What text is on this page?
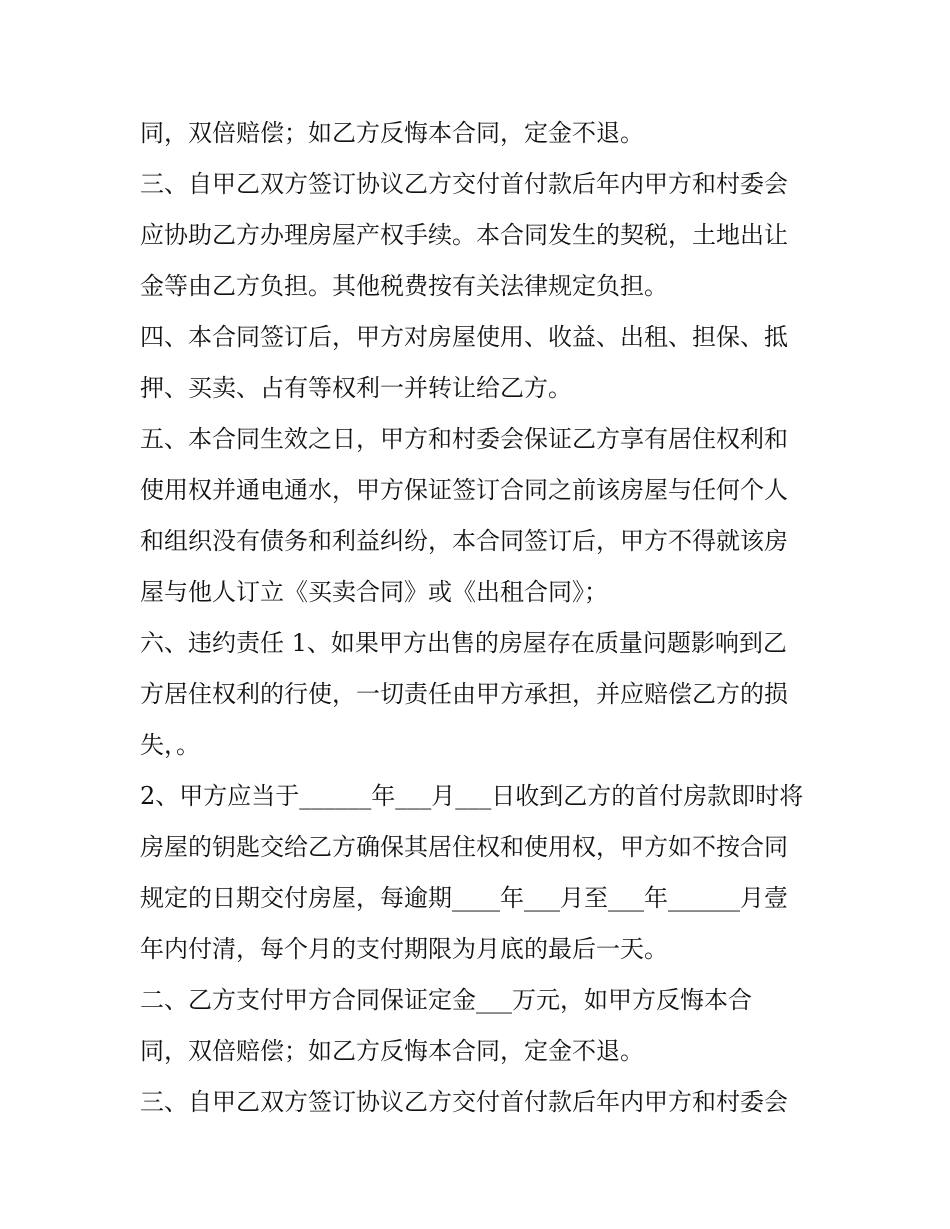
同，双倍赔偿；如乙方反悔本合同，定金不退。
三、自甲乙双方签订协议乙方交付首付款后年内甲方和村委会
应协助乙方办理房屋产权手续。本合同发生的契税，土地出让
金等由乙方负担。其他税费按有关法律规定负担。
四、本合同签订后，甲方对房屋使用、收益、出租、担保、抵
押、买卖、占有等权利一并转让给乙方。
五、本合同生效之日，甲方和村委会保证乙方享有居住权利和
使用权并通电通水，甲方保证签订合同之前该房屋与任何个人
和组织没有债务和利益纠纷，本合同签订后，甲方不得就该房
屋与他人订立《买卖合同》或《出租合同》；
六、违约责任 1、如果甲方出售的房屋存在质量问题影响到乙
方居住权利的行使，一切责任由甲方承担，并应赔偿乙方的损
失，。
2、甲方应当于______年___月___日收到乙方的首付房款即时将
房屋的钥匙交给乙方确保其居住权和使用权，甲方如不按合同
规定的日期交付房屋，每逾期____年___月至___年______月壹
年内付清，每个月的支付期限为月底的最后一天。
二、乙方支付甲方合同保证定金___万元，如甲方反悔本合
同，双倍赔偿；如乙方反悔本合同，定金不退。
三、自甲乙双方签订协议乙方交付首付款后年内甲方和村委会
